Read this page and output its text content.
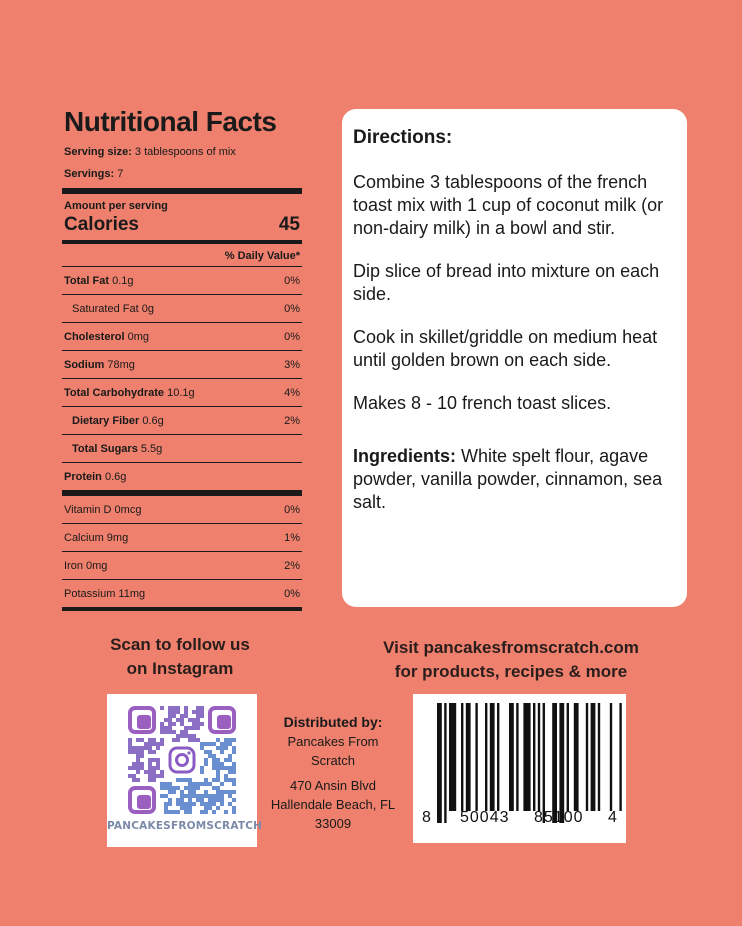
Nutritional Facts
Serving size: 3 tablespoons of mix
Servings: 7
Amount per serving
Calories	45
% Daily Value*
Total Fat 0.1g	0%
Saturated Fat 0g	0%
Cholesterol 0mg	0%
Sodium 78mg	3%
Total Carbohydrate 10.1g	4%
Dietary Fiber 0.6g	2%
Total Sugars 5.5g
Protein 0.6g
Vitamin D 0mcg	0%
Calcium 9mg	1%
Iron 0mg	2%
Potassium 11mg	0%
Directions:

Combine 3 tablespoons of the french toast mix with 1 cup of coconut milk (or non-dairy milk) in a bowl and stir.

Dip slice of bread into mixture on each side.

Cook in skillet/griddle on medium heat until golden brown on each side.

Makes 8 - 10 french toast slices.

Ingredients: White spelt flour, agave powder, vanilla powder, cinnamon, sea salt.

Scan to follow us
on Instagram
Visit pancakesfromscratch.com
for products, recipes & more
PANCAKESFROMSCRATCH
Distributed by:
Pancakes From
Scratch
470 Ansin Blvd
Hallendale Beach, FL
33009	8 50043 85100 4
